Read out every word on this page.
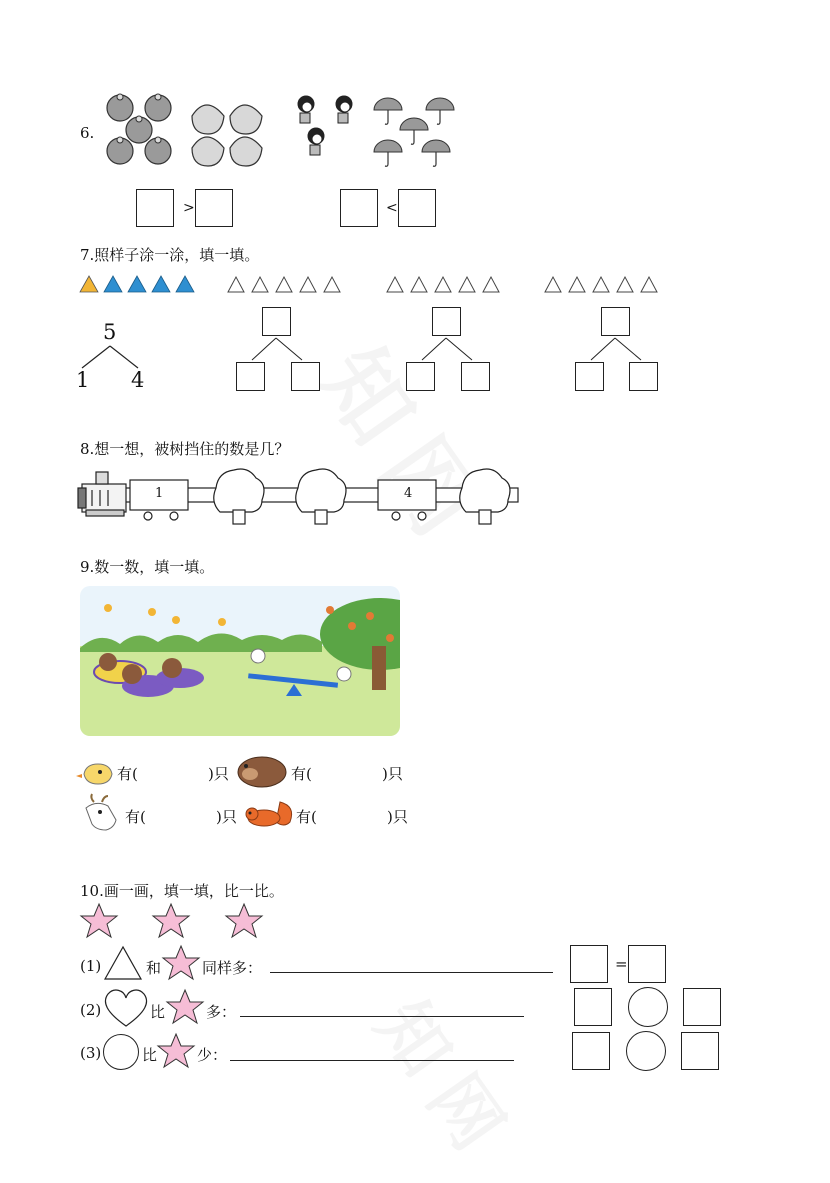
6.
>	<
7.照样子涂一涂，填一填。
5
1 4
8.想一想，被树挡住的数是几？
1	4
9.数一数，填一填。
有(	)只	有(	)只
有(	)只	有(	)只
10.画一画，填一填，比一比。
(1)	和	同样多：	=
(2)	比	多：
(3)	比	少：
